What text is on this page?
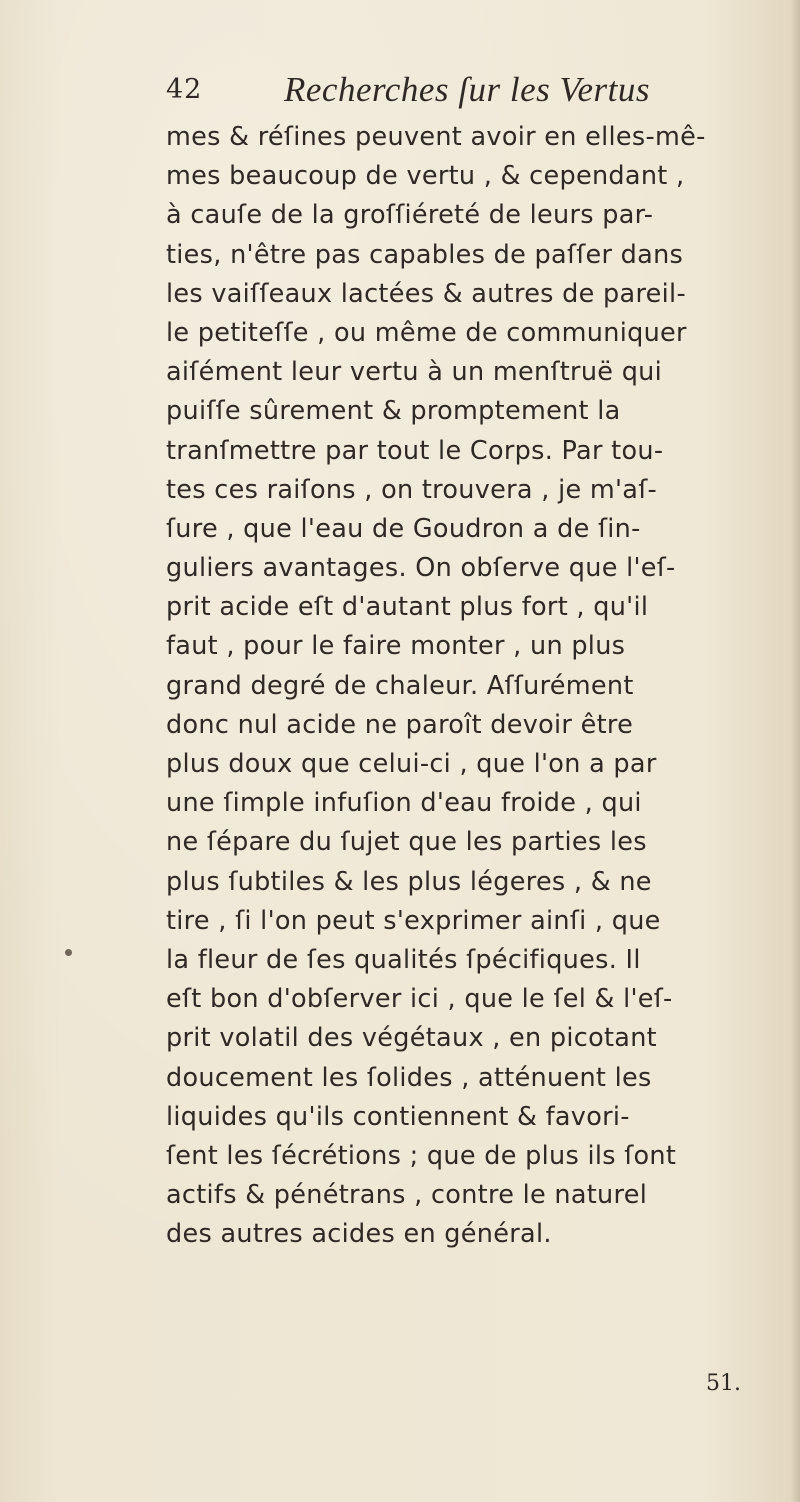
42 Recherches ſur les Vertus
mes & réſines peuvent avoir en elles-mê-
mes beaucoup de vertu , & cependant ,
à cauſe de la groſſiéreté de leurs par-
ties, n'être pas capables de paſſer dans
les vaiſſeaux lactées & autres de pareil-
le petiteſſe , ou même de communiquer
aiſément leur vertu à un menſtruë qui
puiſſe sûrement & promptement la
tranſmettre par tout le Corps. Par tou-
tes ces raiſons , on trouvera , je m'aſ-
ſure , que l'eau de Goudron a de ſin-
guliers avantages. On obſerve que l'eſ-
prit acide eſt d'autant plus fort , qu'il
faut , pour le faire monter , un plus
grand degré de chaleur. Aſſurément
donc nul acide ne paroît devoir être
plus doux que celui-ci , que l'on a par
une ſimple infuſion d'eau froide , qui
ne ſépare du ſujet que les parties les
plus ſubtiles & les plus légeres , & ne
tire , ſi l'on peut s'exprimer ainſi , que
la fleur de ſes qualités ſpécifiques. Il
eſt bon d'obſerver ici , que le ſel & l'eſ-
prit volatil des végétaux , en picotant
doucement les ſolides , atténuent les
liquides qu'ils contiennent & favori-
ſent les ſécrétions ; que de plus ils ſont
actifs & pénétrans , contre le naturel
des autres acides en général.
51.
